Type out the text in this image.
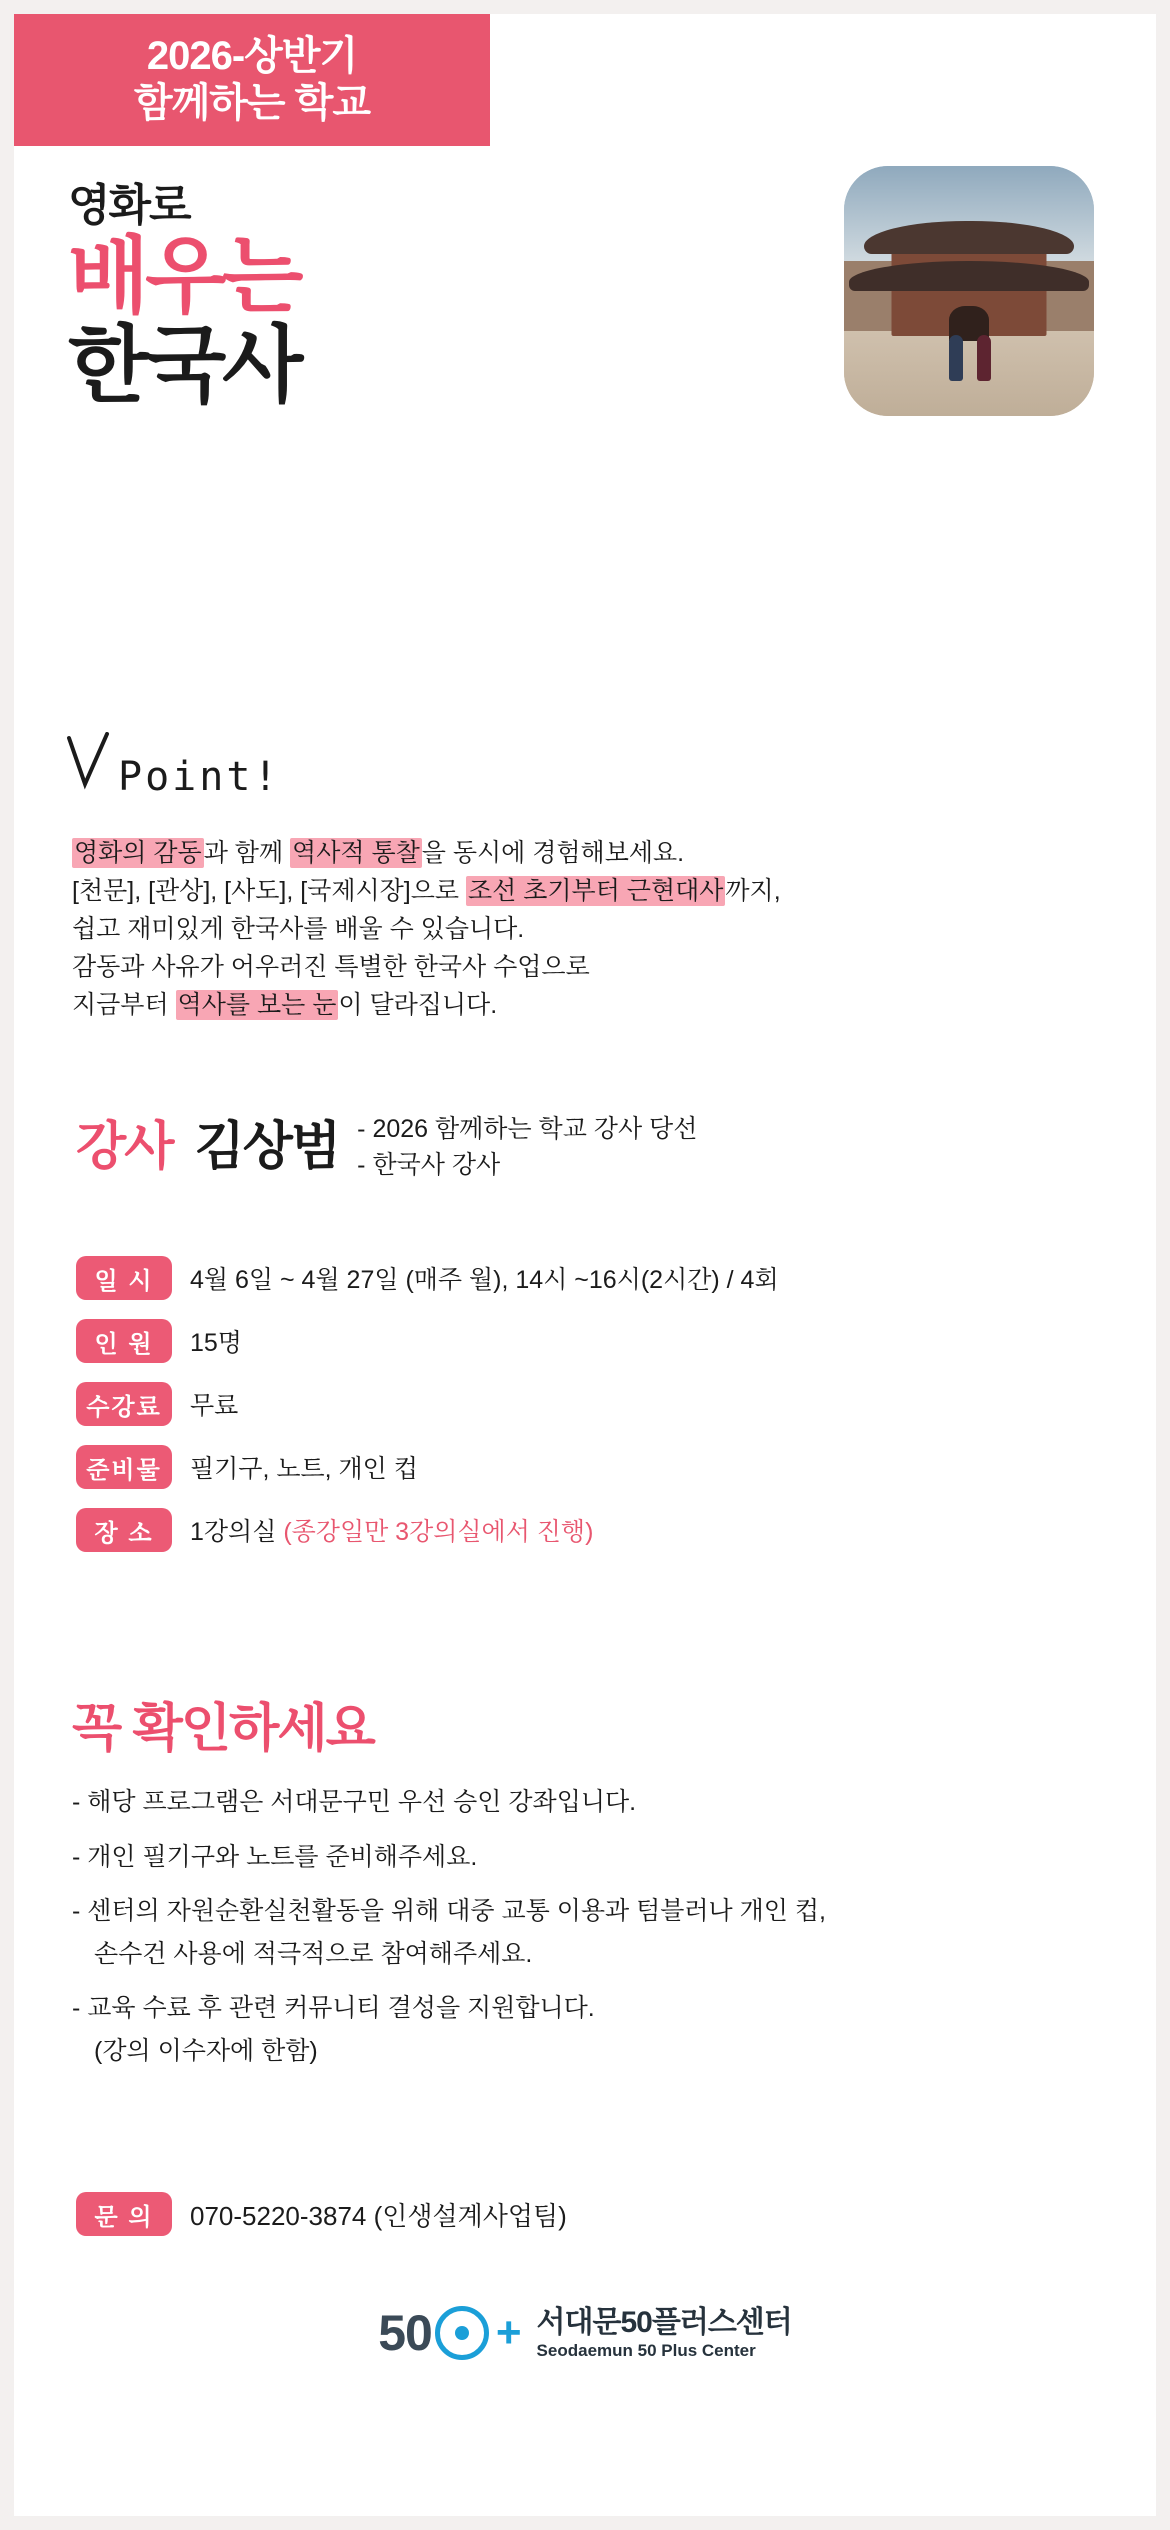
2026-상반기
함께하는 학교
영화로
배우는
한국사
Point!
영화의 감동과 함께 역사적 통찰을 동시에 경험해보세요.
[천문], [관상], [사도], [국제시장]으로 조선 초기부터 근현대사까지,
쉽고 재미있게 한국사를 배울 수 있습니다.
감동과 사유가 어우러진 특별한 한국사 수업으로
지금부터 역사를 보는 눈이 달라집니다.
강사 김상범 - 2026 함께하는 학교 강사 당선
- 한국사 강사
일 시	4월 6일 ~ 4월 27일 (매주 월), 14시 ~16시(2시간) / 4회
인 원	15명
수강료	무료
준비물	필기구, 노트, 개인 컵
장 소	1강의실 (종강일만 3강의실에서 진행)
꼭 확인하세요
- 해당 프로그램은 서대문구민 우선 승인 강좌입니다.
- 개인 필기구와 노트를 준비해주세요.
- 센터의 자원순환실천활동을 위해 대중 교통 이용과 텀블러나 개인 컵,
손수건 사용에 적극적으로 참여해주세요.
- 교육 수료 후 관련 커뮤니티 결성을 지원합니다.
(강의 이수자에 한함)
문 의	070-5220-3874 (인생설계사업팀)
50 + 서대문50플러스센터
Seodaemun 50 Plus Center
